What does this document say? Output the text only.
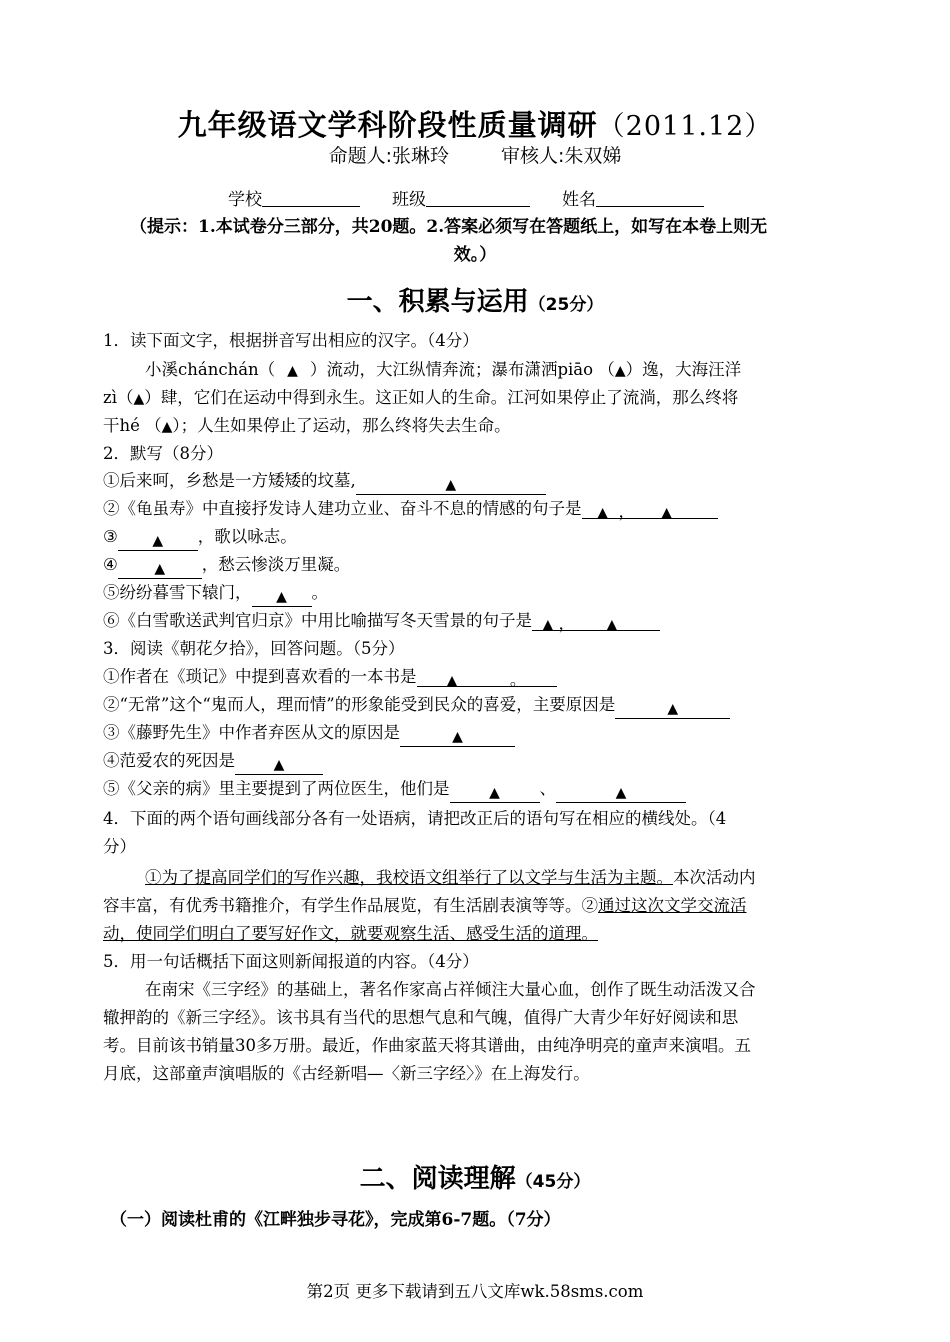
九年级语文学科阶段性质量调研（2011.12）
命题人:张琳玲	审核人:朱双娣
学校	班级	姓名
（提示：1.本试卷分三部分，共20题。2.答案必须写在答题纸上，如写在本卷上则无
效。）
一、积累与运用（25分）
1．读下面文字，根据拼音写出相应的汉字。（4分）
小溪chánchán（ ▲ ）流动，大江纵情奔流；瀑布潇洒piāo （▲）逸，大海汪洋
zì（▲）肆，它们在运动中得到永生。这正如人的生命。江河如果停止了流淌，那么终将
干hé （▲）；人生如果停止了运动，那么终将失去生命。
2．默写（8分）
①后来呵，乡愁是一方矮矮的坟墓,	▲
②《龟虽寿》中直接抒发诗人建功立业、奋斗不息的情感的句子是 ▲ ， ▲
③ ▲ ，歌以咏志。
④	▲ ，愁云惨淡万里凝。
⑤纷纷暮雪下辕门， ▲ 。
⑥《白雪歌送武判官归京》中用比喻描写冬天雪景的句子是 ▲ ， ▲
3．阅读《朝花夕拾》，回答问题。（5分）
①作者在《琐记》中提到喜欢看的一本书是 ▲	。
②“无常”这个“鬼而人，理而情”的形象能受到民众的喜爱，主要原因是	▲
③《藤野先生》中作者弃医从文的原因是	▲
④范爱农的死因是	▲
⑤《父亲的病》里主要提到了两位医生，他们是	▲ 、	▲
4．下面的两个语句画线部分各有一处语病，请把改正后的语句写在相应的横线处。（4
分）
①为了提高同学们的写作兴趣，我校语文组举行了以文学与生活为主题。本次活动内
容丰富，有优秀书籍推介，有学生作品展览，有生活剧表演等等。②通过这次文学交流活
动，使同学们明白了要写好作文，就要观察生活、感受生活的道理。
5．用一句话概括下面这则新闻报道的内容。（4分）
在南宋《三字经》的基础上，著名作家高占祥倾注大量心血，创作了既生动活泼又合
辙押韵的《新三字经》。该书具有当代的思想气息和气魄，值得广大青少年好好阅读和思
考。目前该书销量30多万册。最近，作曲家蓝天将其谱曲，由纯净明亮的童声来演唱。五
月底，这部童声演唱版的《古经新唱—〈新三字经〉》在上海发行。
二、阅读理解（45分）
（一）阅读杜甫的《江畔独步寻花》，完成第6-7题。（7分）
第2页 更多下载请到五八文库wk.58sms.com
